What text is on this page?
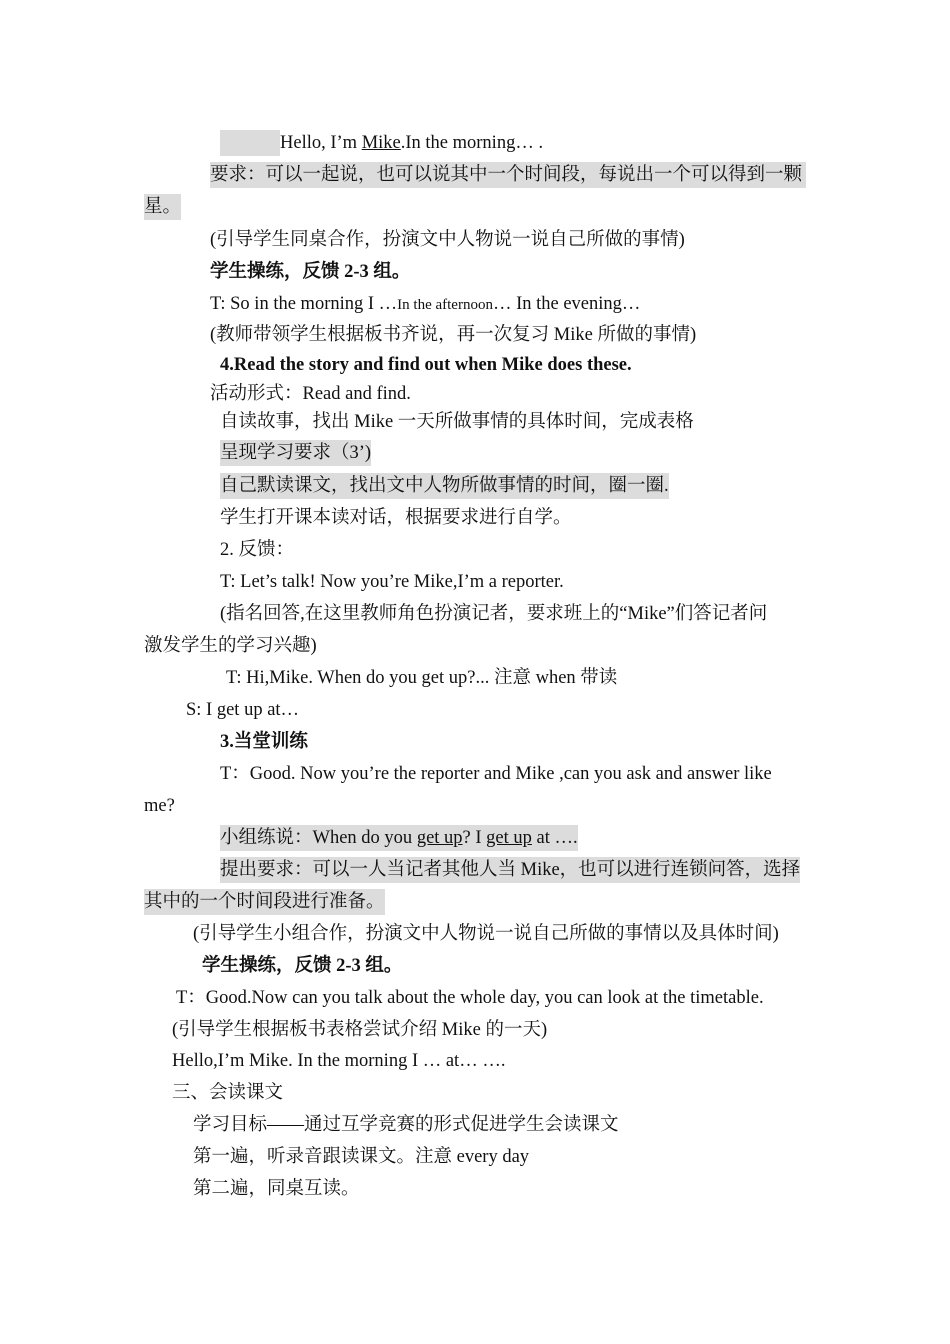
Hello, I’m Mike.In the morning… .
要求：可以一起说，也可以说其中一个时间段，每说出一个可以得到一颗
星。
(引导学生同桌合作，扮演文中人物说一说自己所做的事情)
学生操练，反馈 2-3 组。
T: So in the morning I …In the afternoon… In the evening…
(教师带领学生根据板书齐说，再一次复习 Mike 所做的事情)
4.Read the story and find out when Mike does these.
活动形式：Read and find.
自读故事，找出 Mike 一天所做事情的具体时间，完成表格
呈现学习要求（3’)
自己默读课文，找出文中人物所做事情的时间，圈一圈.
学生打开课本读对话，根据要求进行自学。
2. 反馈：
T: Let’s talk! Now you’re Mike,I’m a reporter.
(指名回答,在这里教师角色扮演记者，要求班上的“Mike”们答记者问
激发学生的学习兴趣)
T: Hi,Mike. When do you get up?... 注意 when 带读
S: I get up at…
3.当堂训练
T：Good. Now you’re the reporter and Mike ,can you ask and answer like
me?
小组练说：When do you get up? I get up at ….
提出要求：可以一人当记者其他人当 Mike，也可以进行连锁问答，选择
其中的一个时间段进行准备。
(引导学生小组合作，扮演文中人物说一说自己所做的事情以及具体时间)
学生操练，反馈 2-3 组。
T：Good.Now can you talk about the whole day, you can look at the timetable.
(引导学生根据板书表格尝试介绍 Mike 的一天)
Hello,I’m Mike. In the morning I … at… ….
三、会读课文
学习目标——通过互学竞赛的形式促进学生会读课文
第一遍，听录音跟读课文。注意 every day
第二遍，同桌互读。
